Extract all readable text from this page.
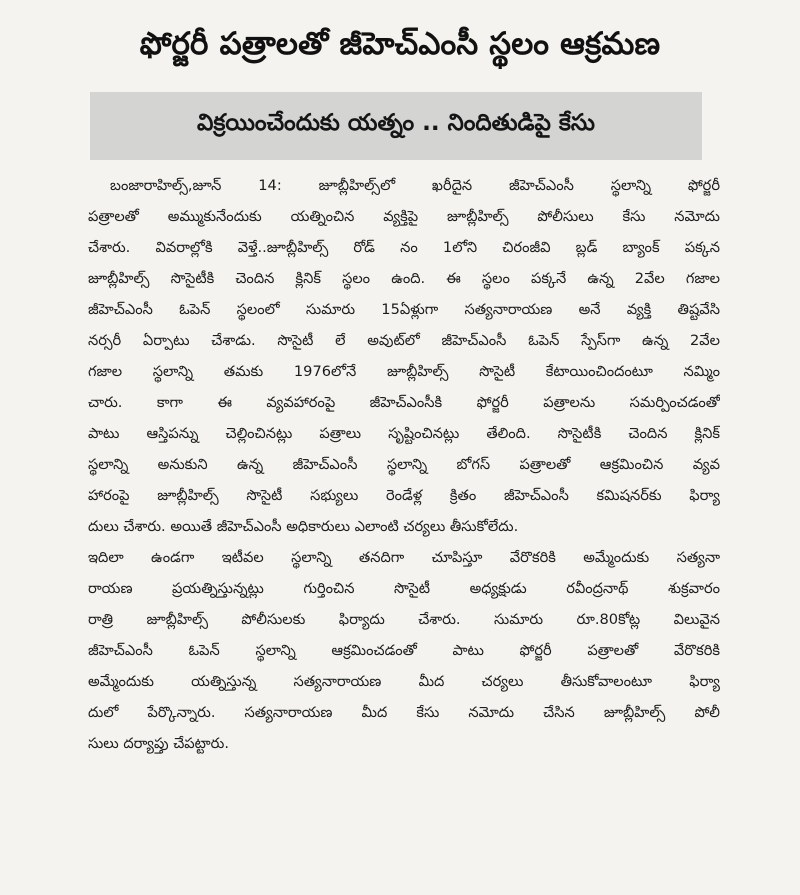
ఫోర్జరీ పత్రాలతో జీహెచ్‌ఎంసీ స్థలం ఆక్రమణ
విక్రయించేందుకు యత్నం .. నిందితుడిపై కేసు
బంజారాహిల్స్,జూన్ 14: జూబ్లీహిల్స్‌లో ఖరీదైన జీహెచ్‌ఎంసీ స్థలాన్ని ఫోర్జరీ
పత్రాలతో అమ్ముకునేందుకు యత్నించిన వ్యక్తిపై జూబ్లీహిల్స్ పోలీసులు కేసు నమోదు
చేశారు. వివరాల్లోకి వెళ్తే..జూబ్లీహిల్స్ రోడ్ నం 1లోని చిరంజీవి బ్లడ్ బ్యాంక్ పక్కన
జూబ్లీహిల్స్ సొసైటీకి చెందిన క్లినిక్ స్థలం ఉంది. ఈ స్థలం పక్కనే ఉన్న 2వేల గజాల
జీహెచ్‌ఎంసీ ఓపెన్ స్థలంలో సుమారు 15ఏళ్లుగా సత్యనారాయణ అనే వ్యక్తి తిష్టవేసి
నర్సరీ ఏర్పాటు చేశాడు. సొసైటీ లే అవుట్‌లో జీహెచ్‌ఎంసీ ఓపెన్ స్పేస్‌గా ఉన్న 2వేల
గజాల స్థలాన్ని తమకు 1976లోనే జూబ్లీహిల్స్ సొసైటీ కేటాయించిందంటూ నమ్మిం
చారు. కాగా ఈ వ్యవహారంపై జీహెచ్‌ఎంసీకి ఫోర్జరీ పత్రాలను సమర్పించడంతో
పాటు ఆస్తిపన్ను చెల్లించినట్లు పత్రాలు సృష్టించినట్లు తేలింది. సొసైటీకి చెందిన క్లినిక్
స్థలాన్ని అనుకుని ఉన్న జీహెచ్‌ఎంసీ స్థలాన్ని బోగస్ పత్రాలతో ఆక్రమించిన వ్యవ
హారంపై జూబ్లీహిల్స్ సొసైటీ సభ్యులు రెండేళ్ల క్రితం జీహెచ్‌ఎంసీ కమిషనర్‌కు ఫిర్యా
దులు చేశారు. అయితే జీహెచ్‌ఎంసీ అధికారులు ఎలాంటి చర్యలు తీసుకోలేదు.
ఇదిలా ఉండగా ఇటీవల స్థలాన్ని తనదిగా చూపిస్తూ వేరొకరికి అమ్మేందుకు సత్యనా
రాయణ ప్రయత్నిస్తున్నట్లు గుర్తించిన సొసైటీ అధ్యక్షుడు రవీంద్రనాథ్ శుక్రవారం
రాత్రి జూబ్లీహిల్స్ పోలీసులకు ఫిర్యాదు చేశారు. సుమారు రూ.80కోట్ల విలువైన
జీహెచ్‌ఎంసీ ఓపెన్ స్థలాన్ని ఆక్రమించడంతో పాటు ఫోర్జరీ పత్రాలతో వేరొకరికి
అమ్మేందుకు యత్నిస్తున్న సత్యనారాయణ మీద చర్యలు తీసుకోవాలంటూ ఫిర్యా
దులో పేర్కొన్నారు. సత్యనారాయణ మీద కేసు నమోదు చేసిన జూబ్లీహిల్స్ పోలీ
సులు దర్యాప్తు చేపట్టారు.
